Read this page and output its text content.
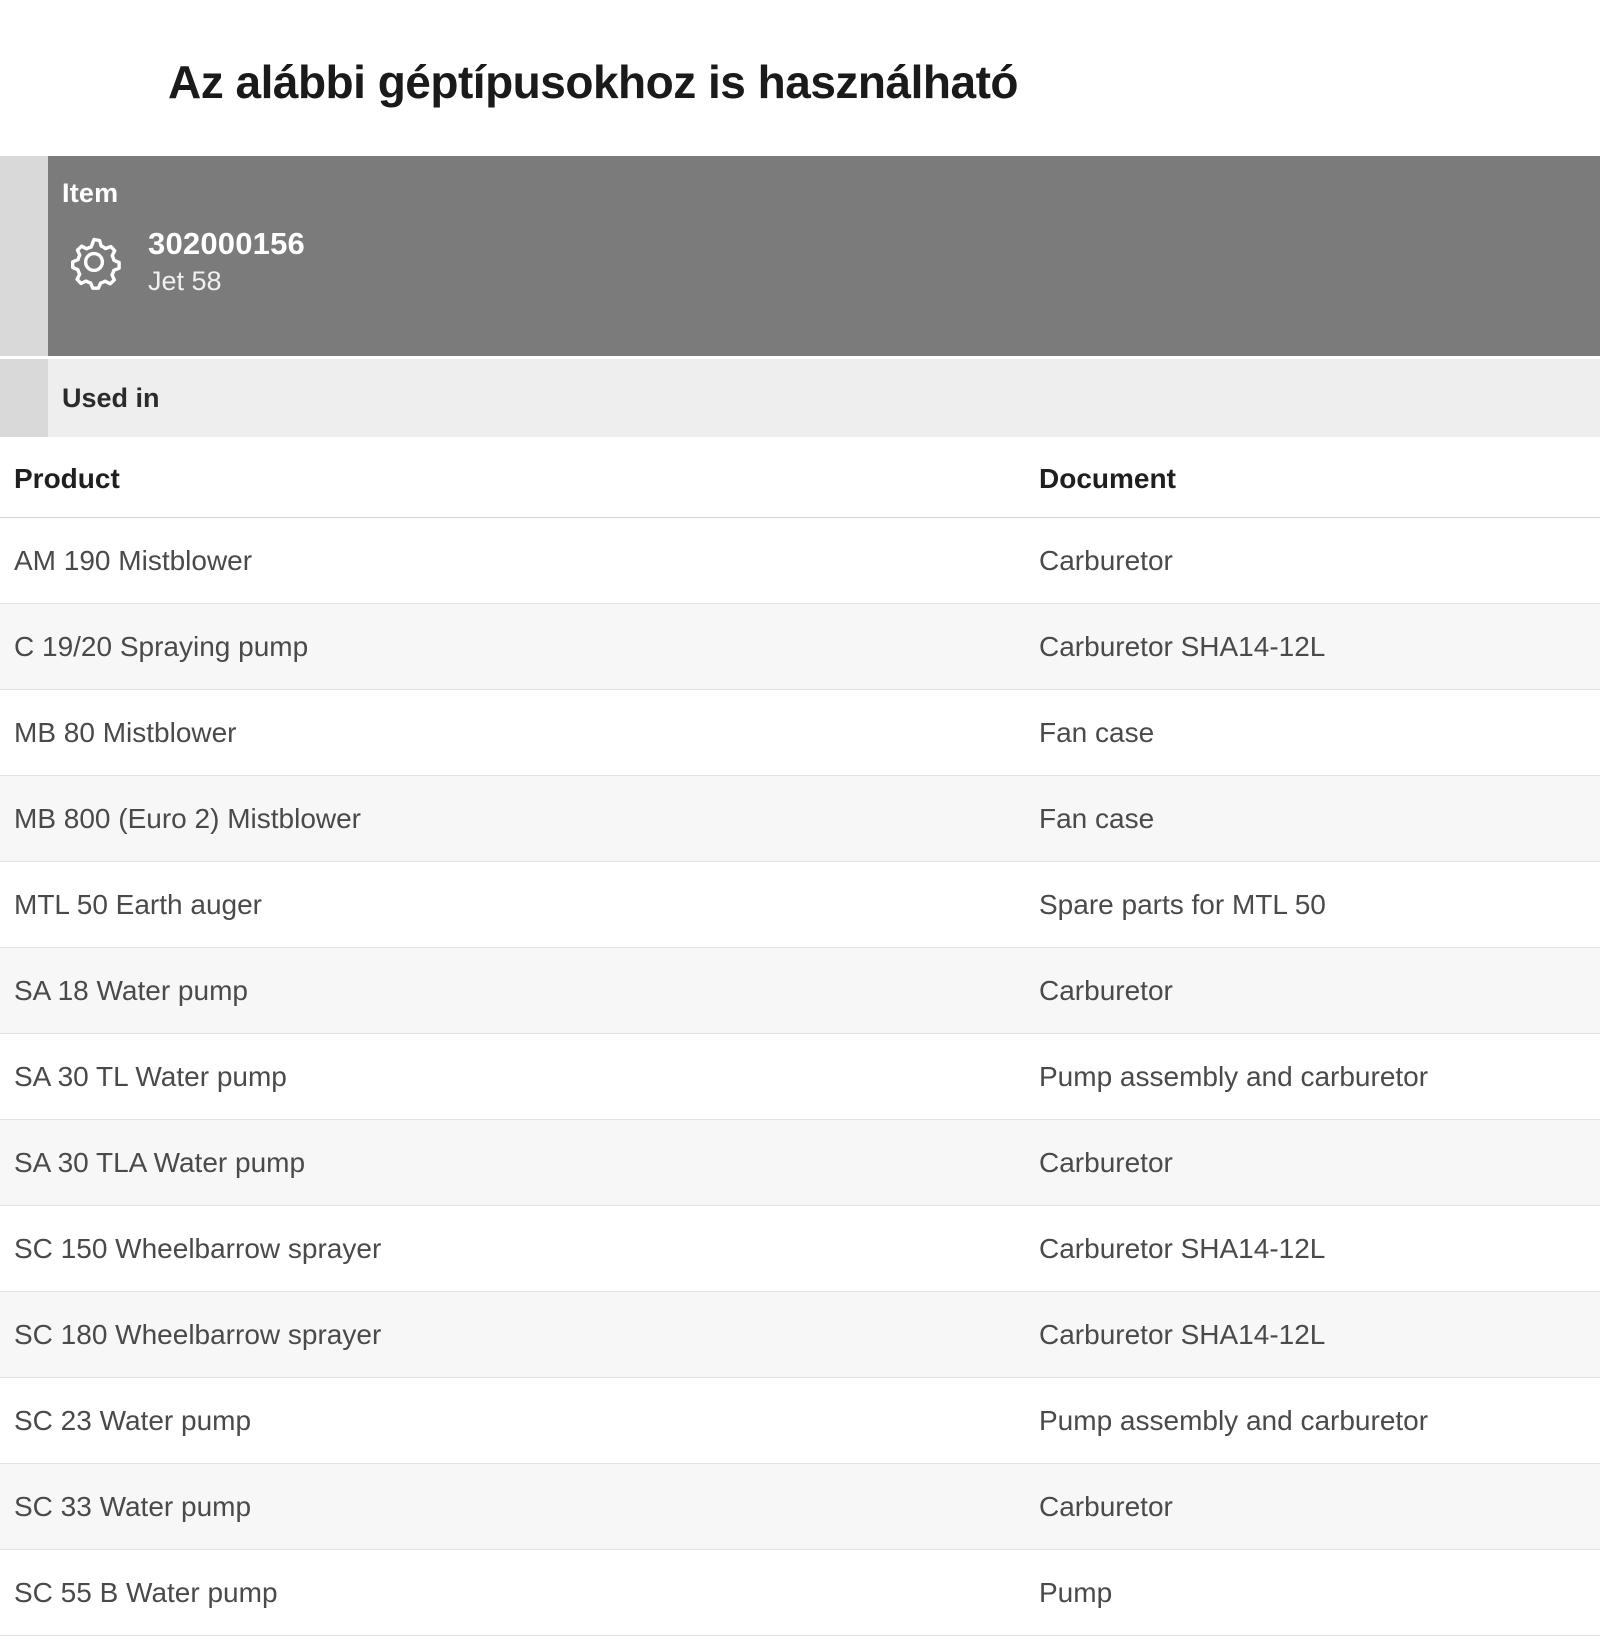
Az alábbi géptípusokhoz is használható
Item
302000156
Jet 58
Used in
Product	Document
AM 190 Mistblower	Carburetor
C 19/20 Spraying pump	Carburetor SHA14-12L
MB 80 Mistblower	Fan case
MB 800 (Euro 2) Mistblower	Fan case
MTL 50 Earth auger	Spare parts for MTL 50
SA 18 Water pump	Carburetor
SA 30 TL Water pump	Pump assembly and carburetor
SA 30 TLA Water pump	Carburetor
SC 150 Wheelbarrow sprayer	Carburetor SHA14-12L
SC 180 Wheelbarrow sprayer	Carburetor SHA14-12L
SC 23 Water pump	Pump assembly and carburetor
SC 33 Water pump	Carburetor
SC 55 B Water pump	Pump
